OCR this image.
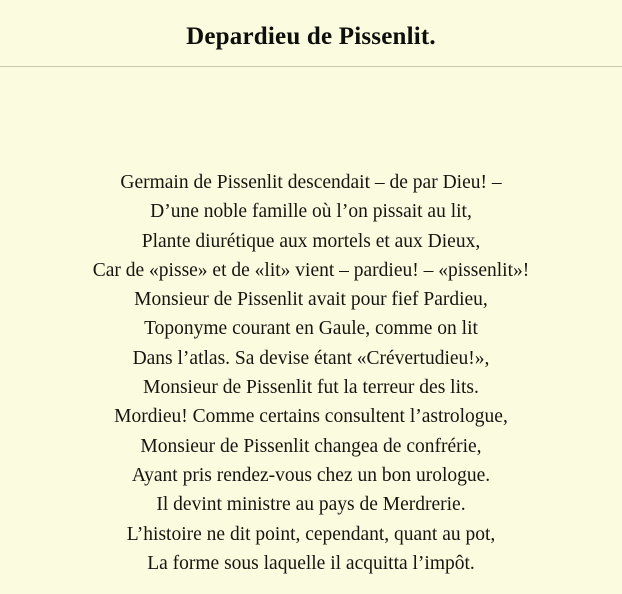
Depardieu de Pissenlit.
Germain de Pissenlit descendait – de par Dieu! –
D’une noble famille où l’on pissait au lit,
Plante diurétique aux mortels et aux Dieux,
Car de «pisse» et de «lit» vient – pardieu! – «pissenlit»!
Monsieur de Pissenlit avait pour fief Pardieu,
Toponyme courant en Gaule, comme on lit
Dans l’atlas. Sa devise étant «Crévertudieu!»,
Monsieur de Pissenlit fut la terreur des lits.
Mordieu! Comme certains consultent l’astrologue,
Monsieur de Pissenlit changea de confrérie,
Ayant pris rendez-vous chez un bon urologue.
Il devint ministre au pays de Merdrerie.
L’histoire ne dit point, cependant, quant au pot,
La forme sous laquelle il acquitta l’impôt.
